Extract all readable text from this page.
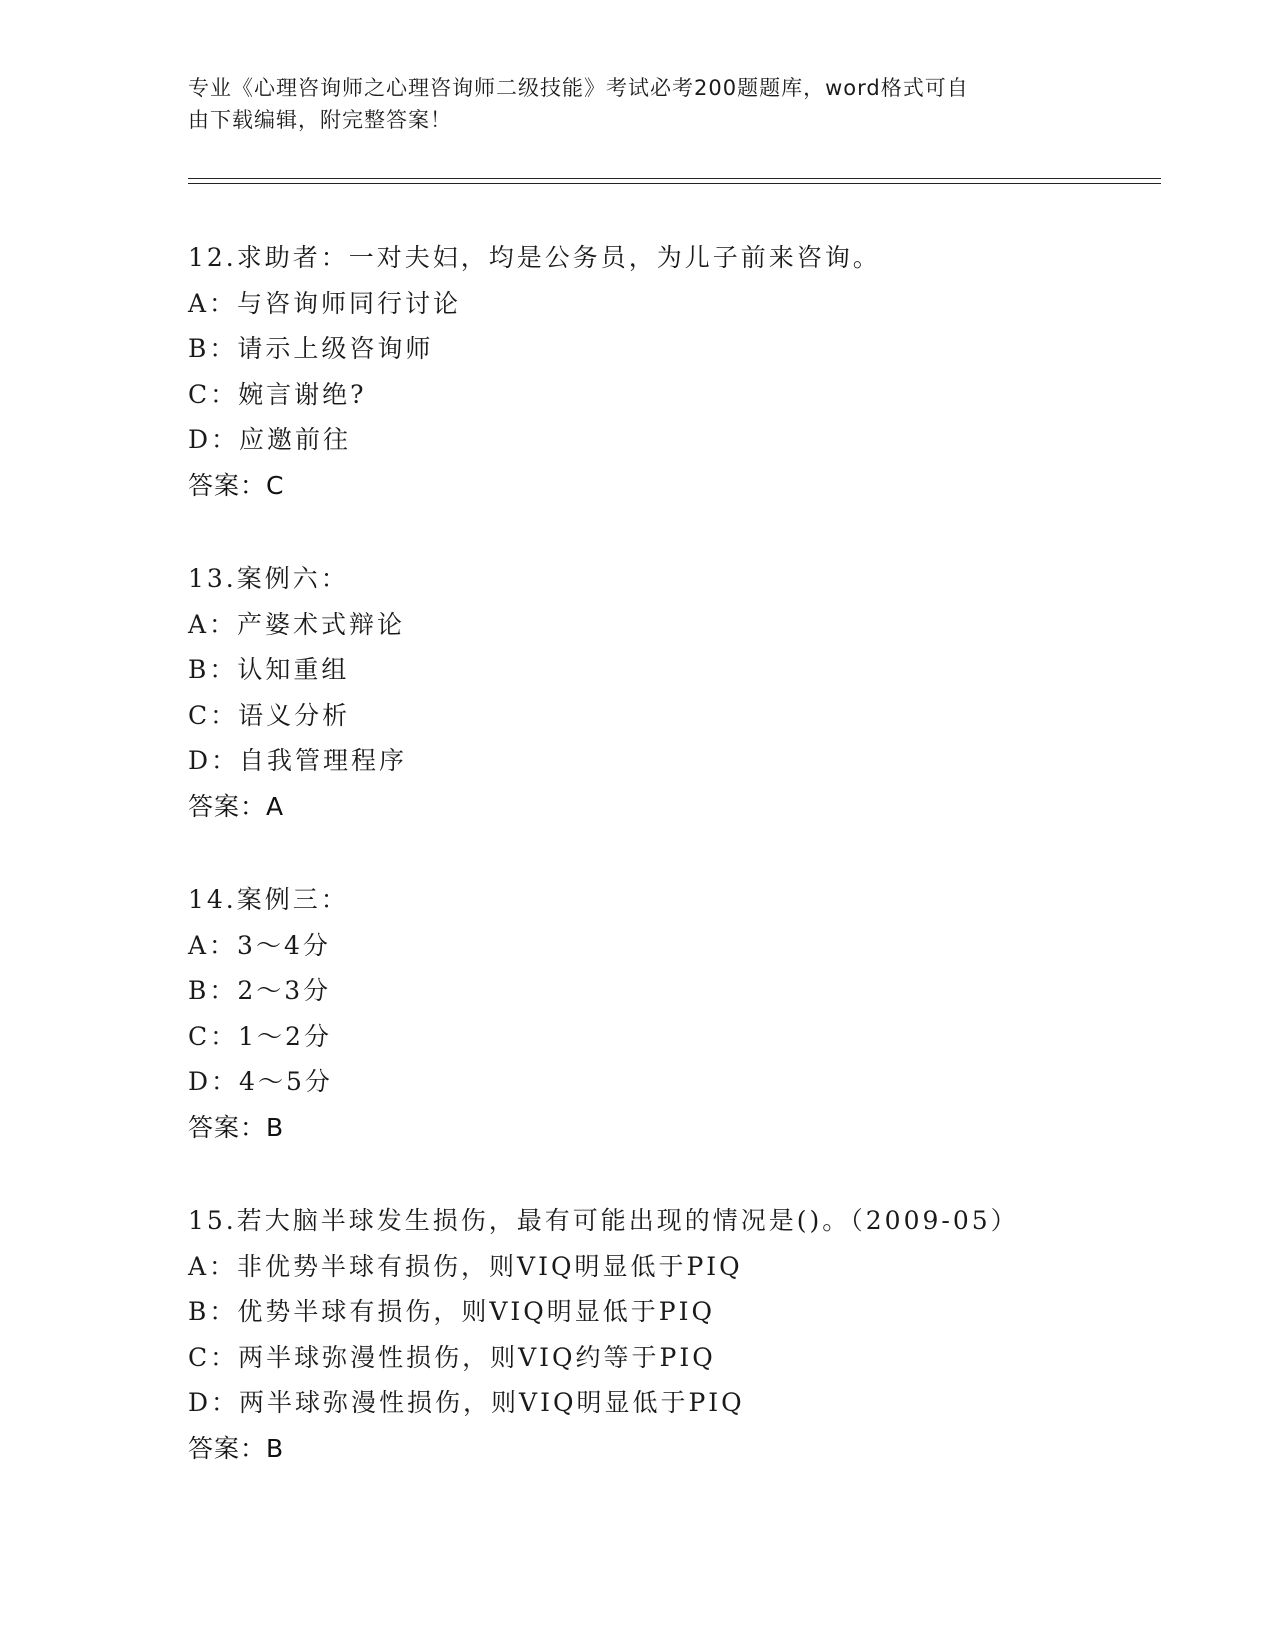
专业《心理咨询师之心理咨询师二级技能》考试必考200题题库，word格式可自
由下载编辑，附完整答案！
12.求助者：一对夫妇，均是公务员，为儿子前来咨询。
A：与咨询师同行讨论
B：请示上级咨询师
C：婉言谢绝?
D：应邀前往
答案：C
13.案例六：
A：产婆术式辩论
B：认知重组
C：语义分析
D：自我管理程序
答案：A
14.案例三：
A：3～4分
B：2～3分
C：1～2分
D：4～5分
答案：B
15.若大脑半球发生损伤，最有可能出现的情况是()。（2009-05）
A：非优势半球有损伤，则VIQ明显低于PIQ
B：优势半球有损伤，则VIQ明显低于PIQ
C：两半球弥漫性损伤，则VIQ约等于PIQ
D：两半球弥漫性损伤，则VIQ明显低于PIQ
答案：B
